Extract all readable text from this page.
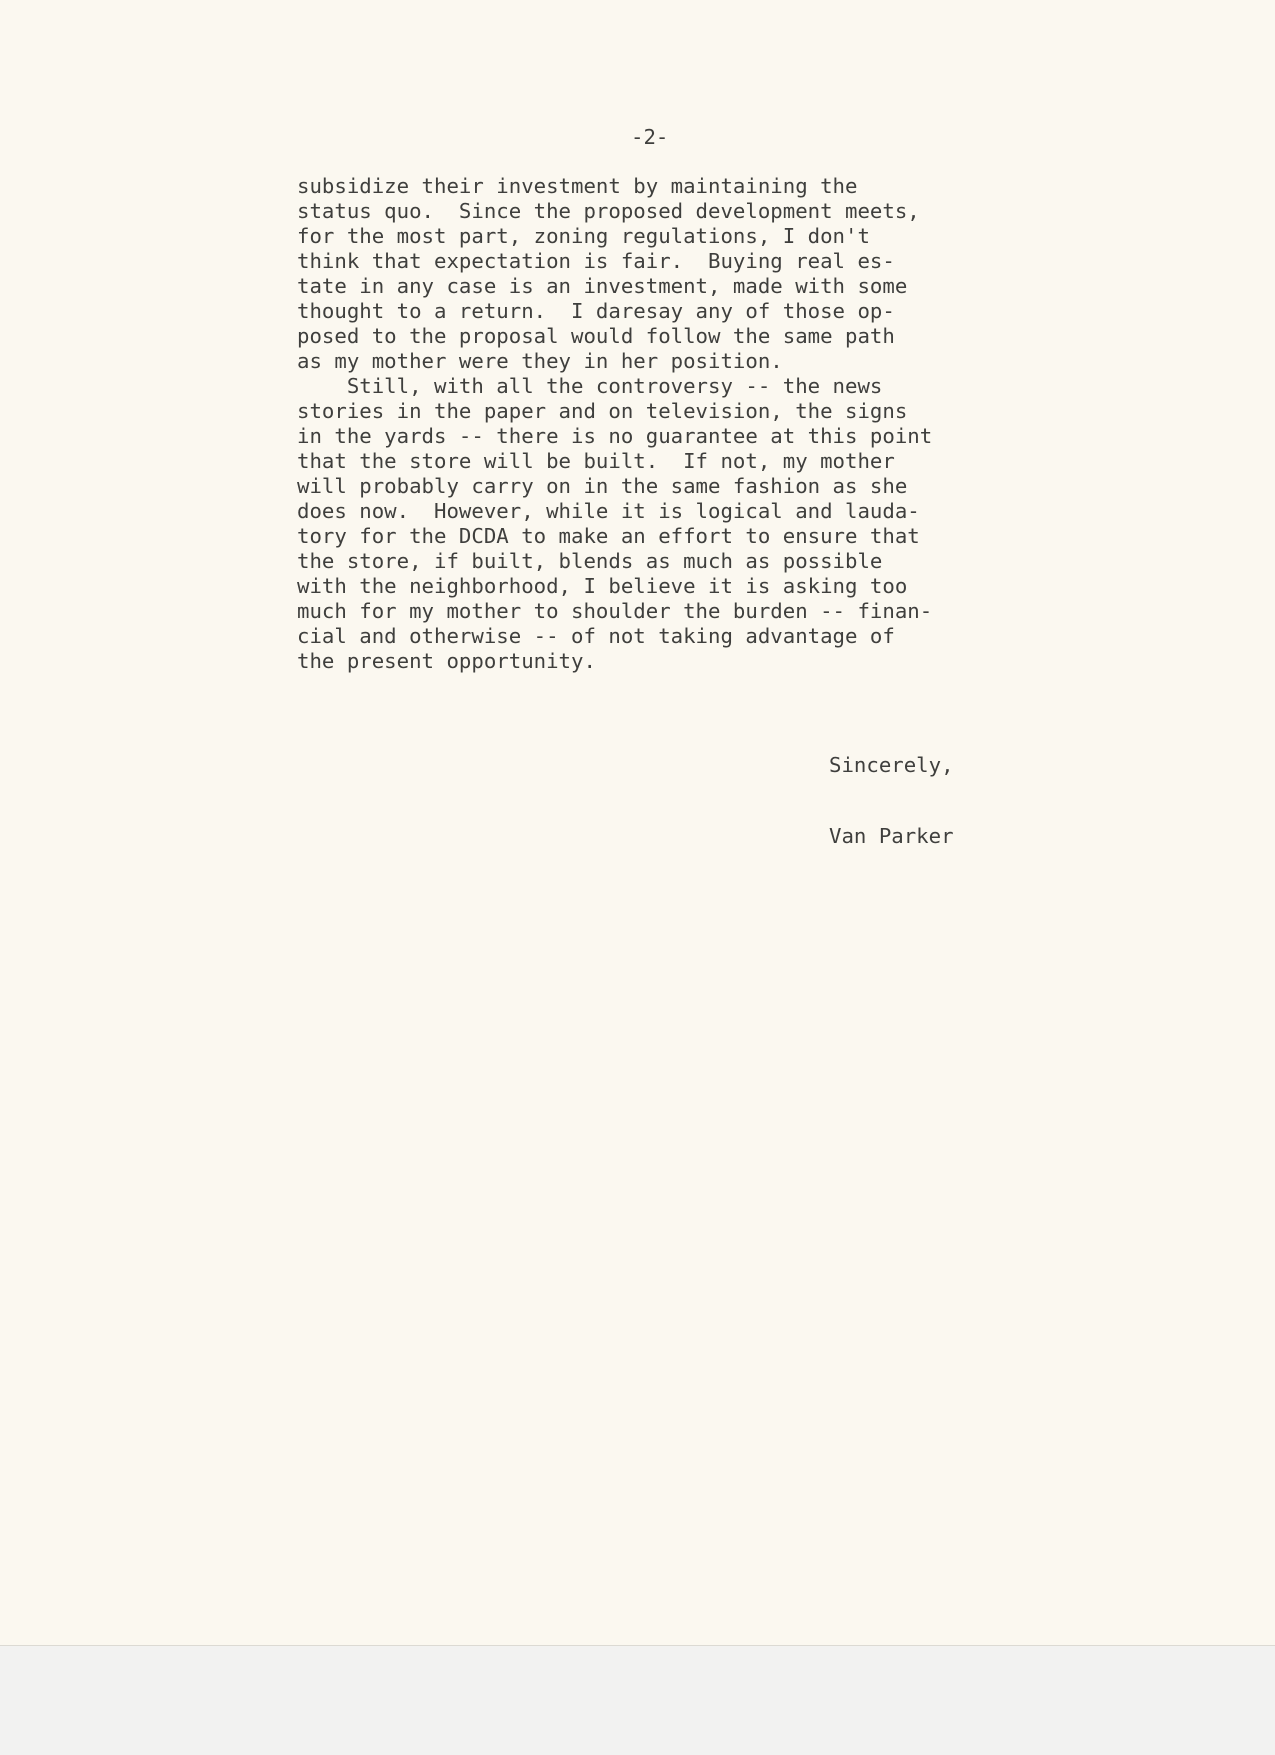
-2-
subsidize their investment by maintaining the
status quo.  Since the proposed development meets,
for the most part, zoning regulations, I don't
think that expectation is fair.  Buying real es-
tate in any case is an investment, made with some
thought to a return.  I daresay any of those op-
posed to the proposal would follow the same path
as my mother were they in her position.
Still, with all the controversy -- the news
stories in the paper and on television, the signs
in the yards -- there is no guarantee at this point
that the store will be built.  If not, my mother
will probably carry on in the same fashion as she
does now.  However, while it is logical and lauda-
tory for the DCDA to make an effort to ensure that
the store, if built, blends as much as possible
with the neighborhood, I believe it is asking too
much for my mother to shoulder the burden -- finan-
cial and otherwise -- of not taking advantage of
the present opportunity.
Sincerely,
Van Parker
